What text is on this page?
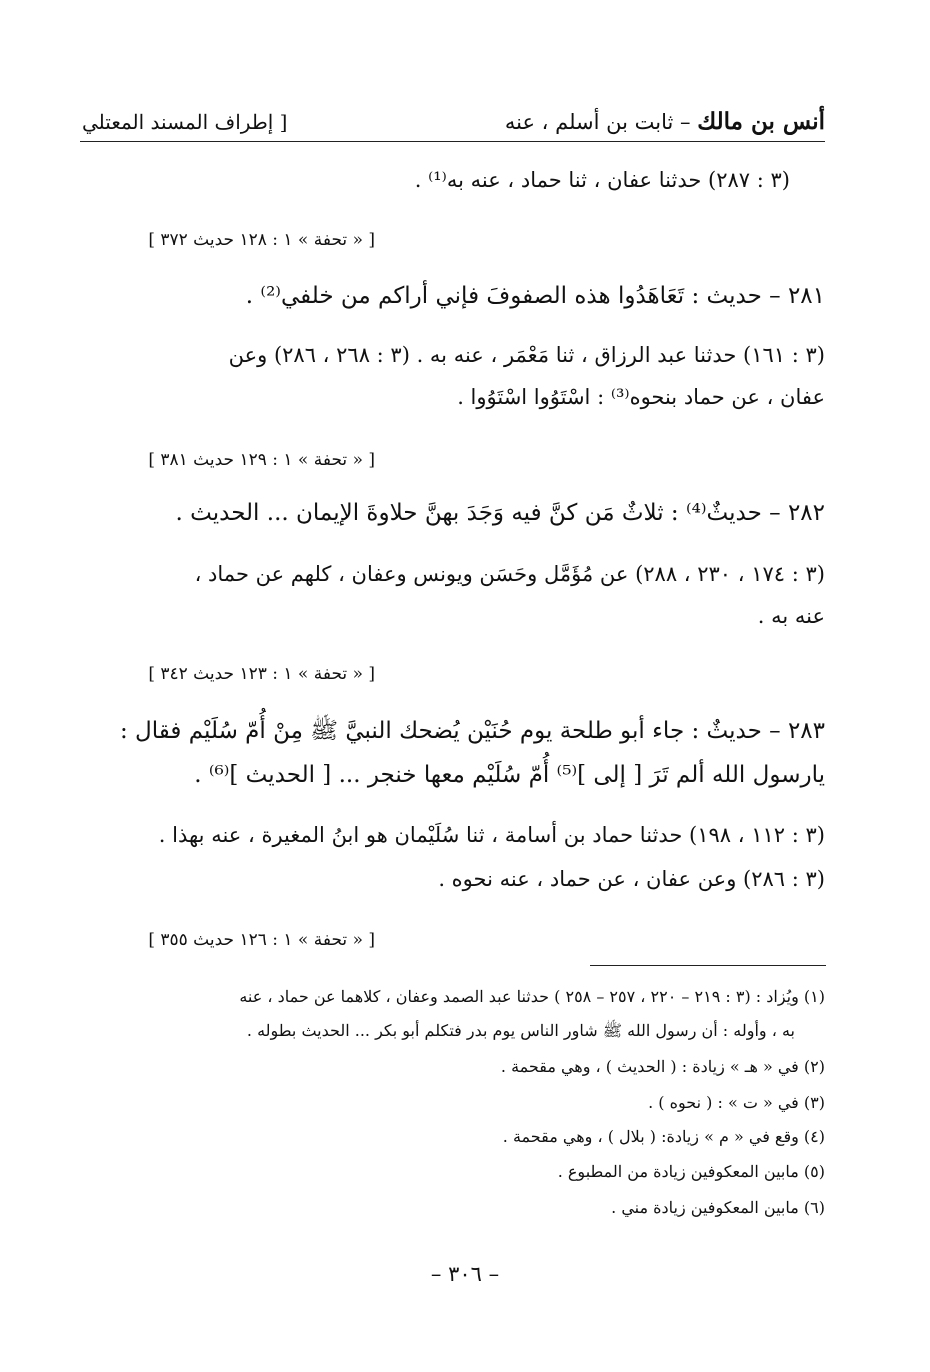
أنس بن مالك – ثابت بن أسلم ، عنه
[ إطراف المسند المعتلي
(٣ : ٢٨٧) حدثنا عفان ، ثنا حماد ، عنه به⁽¹⁾ .
[ « تحفة » ١ : ١٢٨ حديث ٣٧٢ ]
٢٨١ – حديث : تَعَاهَدُوا هذه الصفوفَ فإني أراكم من خلفي⁽²⁾ .
(٣ : ١٦١) حدثنا عبد الرزاق ، ثنا مَعْمَر ، عنه به . (٣ : ٢٦٨ ، ٢٨٦) وعن
عفان ، عن حماد بنحوه⁽³⁾ : اسْتَوُوا اسْتَوُوا .
[ « تحفة » ١ : ١٢٩ حديث ٣٨١ ]
٢٨٢ – حديثٌ⁽⁴⁾ : ثلاثٌ مَن كنَّ فيه وَجَدَ بهنَّ حلاوةَ الإيمان ... الحديث .
(٣ : ١٧٤ ، ٢٣٠ ، ٢٨٨) عن مُؤَمَّل وحَسَن ويونس وعفان ، كلهم عن حماد ،
عنه به .
[ « تحفة » ١ : ١٢٣ حديث ٣٤٢ ]
٢٨٣ – حديثٌ : جاء أبو طلحة يوم حُنَيْن يُضحك النبيَّ ﷺ مِنْ أُمّ سُلَيْم فقال :
يارسول الله ألم تَرَ [ إلى ]⁽⁵⁾ أُمّ سُلَيْم معها خنجر ... [ الحديث ]⁽⁶⁾ .
(٣ : ١١٢ ، ١٩٨) حدثنا حماد بن أسامة ، ثنا سُلَيْمان هو ابنُ المغيرة ، عنه بهذا .
(٣ : ٢٨٦) وعن عفان ، عن حماد ، عنه نحوه .
[ « تحفة » ١ : ١٢٦ حديث ٣٥٥ ]
(١) ويُزاد : (٣ : ٢١٩ – ٢٢٠ ، ٢٥٧ – ٢٥٨ ) حدثنا عبد الصمد وعفان ، كلاهما عن حماد ، عنه
به ، وأوله : أن رسول الله ﷺ شاور الناس يوم بدر فتكلم أبو بكر ... الحديث بطوله .
(٢) في « هـ » زيادة : ( الحديث ) ، وهي مقحمة .
(٣) في « ت » : ( نحوه ) .
(٤) وقع في « م » زيادة: ( بلال ) ، وهي مقحمة .
(٥) مابين المعكوفين زيادة من المطبوع .
(٦) مابين المعكوفين زيادة مني .
– ٣٠٦ –
